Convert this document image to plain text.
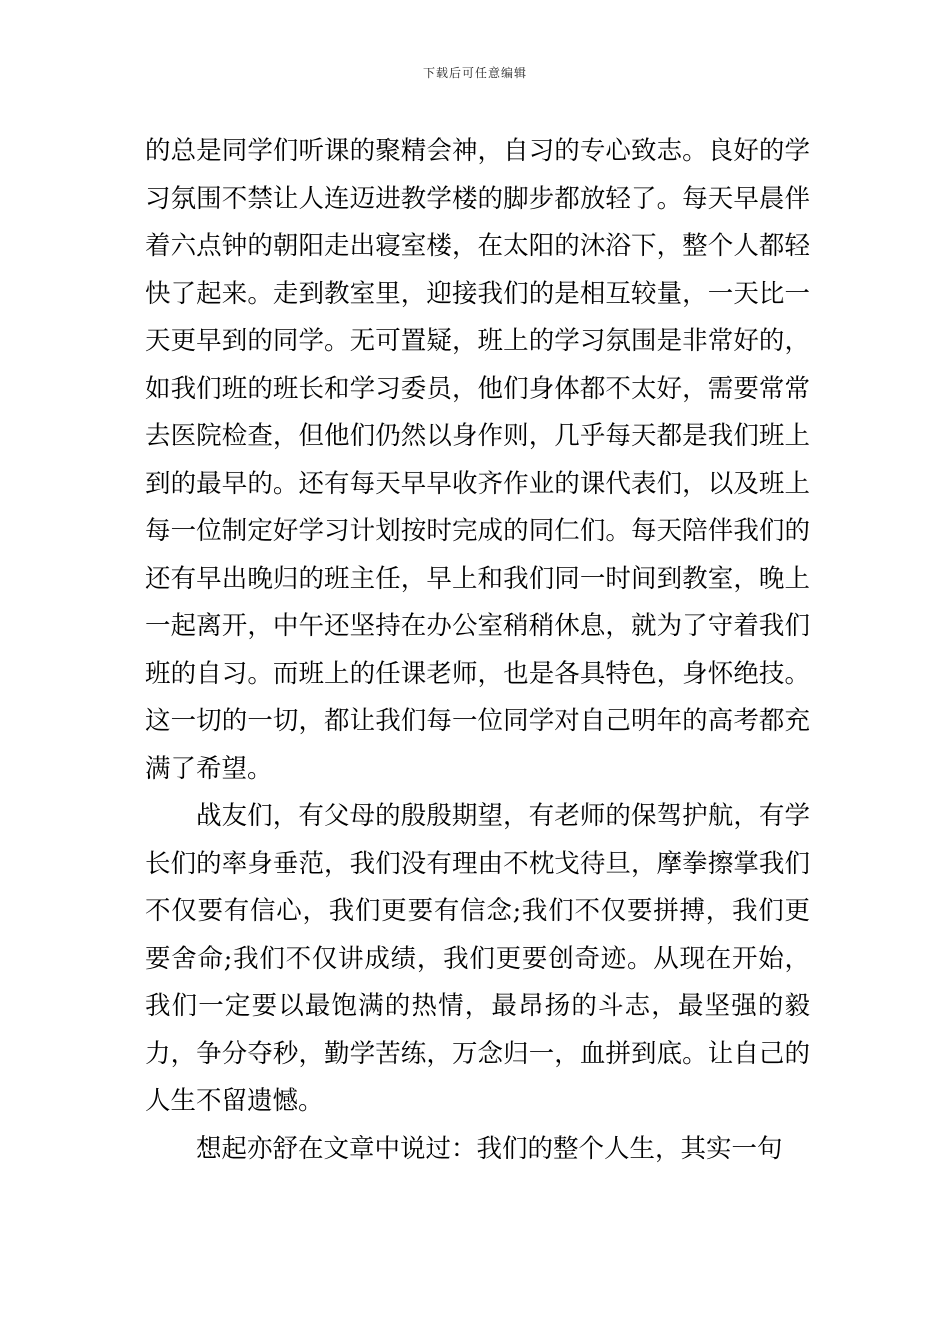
下载后可任意编辑

的总是同学们听课的聚精会神，自习的专心致志。良好的学习氛围不禁让人连迈进教学楼的脚步都放轻了。每天早晨伴着六点钟的朝阳走出寝室楼，在太阳的沐浴下，整个人都轻快了起来。走到教室里，迎接我们的是相互较量，一天比一天更早到的同学。无可置疑，班上的学习氛围是非常好的，如我们班的班长和学习委员，他们身体都不太好，需要常常去医院检查，但他们仍然以身作则，几乎每天都是我们班上到的最早的。还有每天早早收齐作业的课代表们，以及班上每一位制定好学习计划按时完成的同仁们。每天陪伴我们的还有早出晚归的班主任，早上和我们同一时间到教室，晚上一起离开，中午还坚持在办公室稍稍休息，就为了守着我们班的自习。而班上的任课老师，也是各具特色，身怀绝技。这一切的一切，都让我们每一位同学对自己明年的高考都充满了希望。

战友们，有父母的殷殷期望，有老师的保驾护航，有学长们的率身垂范，我们没有理由不枕戈待旦，摩拳擦掌我们不仅要有信心，我们更要有信念;我们不仅要拼搏，我们更要舍命;我们不仅讲成绩，我们更要创奇迹。从现在开始，我们一定要以最饱满的热情，最昂扬的斗志，最坚强的毅力，争分夺秒，勤学苦练，万念归一，血拼到底。让自己的人生不留遗憾。

想起亦舒在文章中说过：我们的整个人生，其实一句
